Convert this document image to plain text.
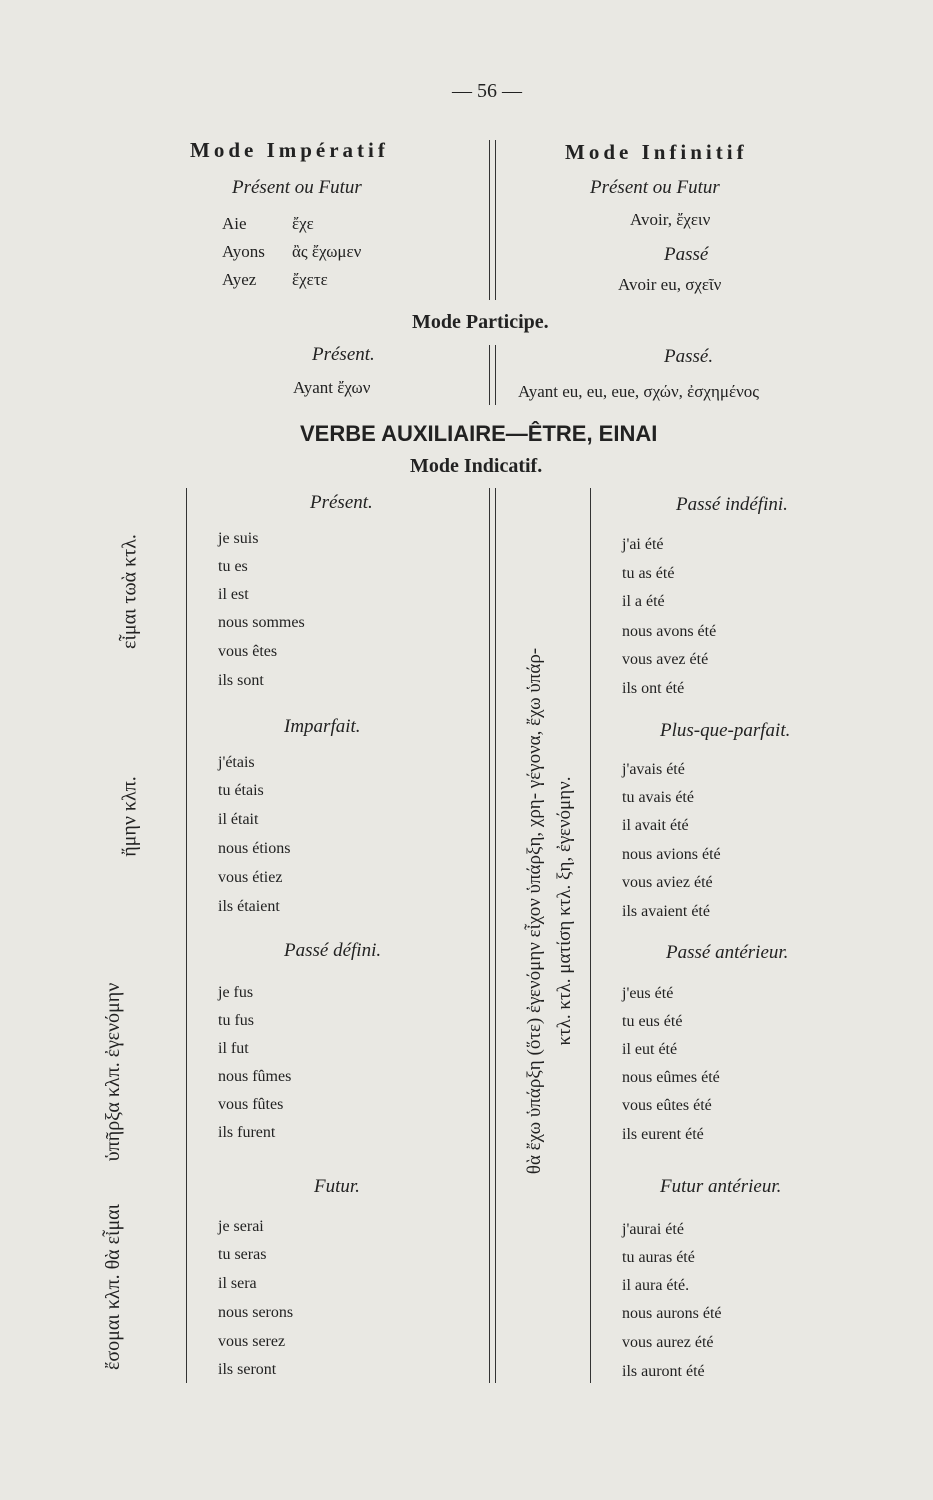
— 56 —
Mode Impératif
Présent ou Futur
Aie	ἔχε
Ayons ἂς ἔχωμεν
Ayez ἔχετε
Mode Infinitif
Présent ou Futur
Avoir, ἔχειν
Passé
Avoir eu, σχεῖν
Mode Participe.
Présent.
Ayant ἔχων
Passé.
Ayant eu, eu, eue, σχών, ἐσχημένος
VERBE AUXILIAIRE—ÊTRE, EINAI
Mode Indicatif.
Présent.
je suis
tu es
il est
nous sommes
vous êtes
ils sont
εἶμαι τωὰ κτλ.
Imparfait.
j'étais
tu étais
il était
nous étions
vous étiez
ils étaient
ἤμην κλπ.
Passé défini.
je fus
tu fus
il fut
nous fûmes
vous fûtes
ils furent
ὑπῆρξα κλπ. ἐγενόμην
Futur.
je serai
tu seras
il sera
nous serons
vous serez
ils seront
ἔσομαι κλπ. θὰ εἶμαι
θὰ ἔχω ὑπάρξη (ὅτε) ἐγενόμην εἶχον ὑπάρξη, χρη- γέγονα, ἔχω ὑπάρ- κτλ. κτλ. ματίση κτλ. ξη, ἐγενόμην.
Passé indéfini.
j'ai été
tu as été
il a été
nous avons été
vous avez été
ils ont été
Plus-que-parfait.
j'avais été
tu avais été
il avait été
nous avions été
vous aviez été
ils avaient été
Passé antérieur.
j'eus été
tu eus été
il eut été
nous eûmes été
vous eûtes été
ils eurent été
Futur antérieur.
j'aurai été
tu auras été
il aura été.
nous aurons été
vous aurez été
ils auront été
